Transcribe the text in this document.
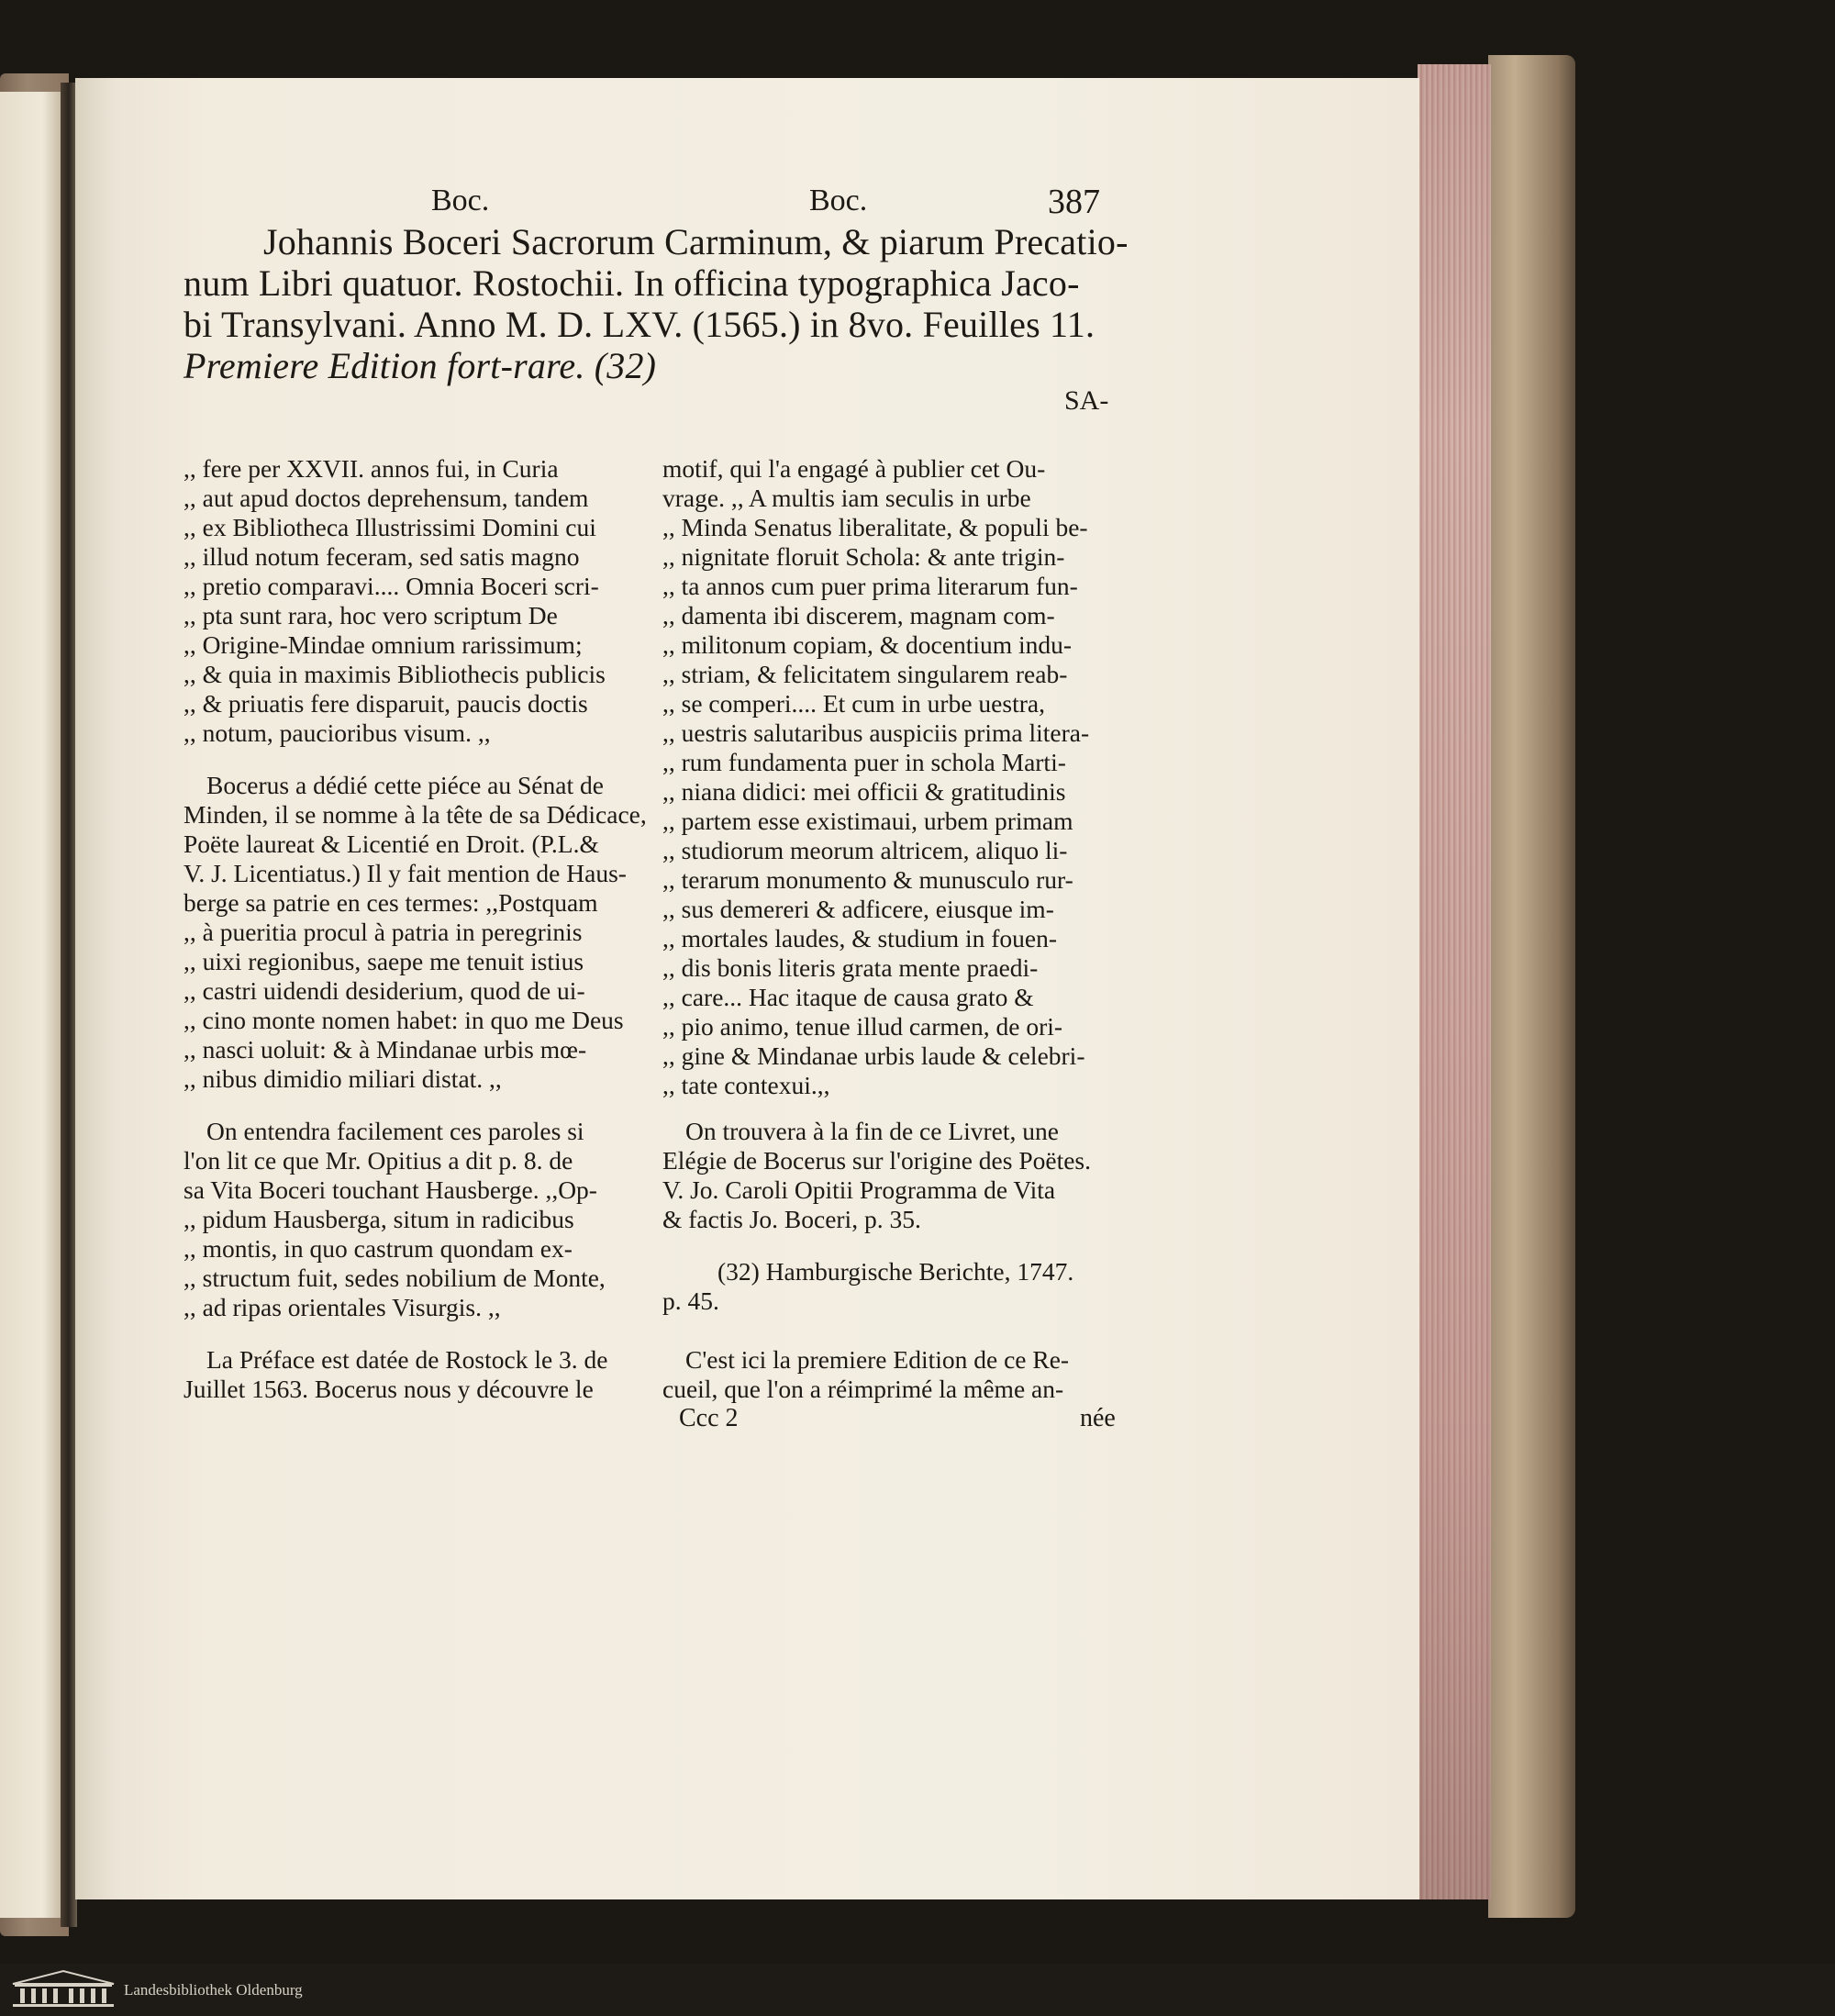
Boc.	Boc.	387
Johannis Boceri Sacrorum Carminum, & piarum Precatio-
num Libri quatuor. Rostochii. In officina typographica Jaco-
bi Transylvani. Anno M. D. LXV. (1565.) in 8vo. Feuilles 11.
Premiere Edition fort-rare. (32)
SA-
,, fere per XXVII. annos fui, in Curia
,, aut apud doctos deprehensum, tandem
,, ex Bibliotheca Illustrissimi Domini cui
,, illud notum feceram, sed satis magno
,, pretio comparavi.... Omnia Boceri scri-
,, pta sunt rara, hoc vero scriptum De
,, Origine-Mindae omnium rarissimum;
,, & quia in maximis Bibliothecis publicis
,, & priuatis fere disparuit, paucis doctis
,, notum, paucioribus visum. ,,
Bocerus a dédié cette piéce au Sénat de
Minden, il se nomme à la tête de sa Dédicace,
Poëte laureat & Licentié en Droit. (P.L.&
V. J. Licentiatus.) Il y fait mention de Haus-
berge sa patrie en ces termes: ,,Postquam
,, à pueritia procul à patria in peregrinis
,, uixi regionibus, saepe me tenuit istius
,, castri uidendi desiderium, quod de ui-
,, cino monte nomen habet: in quo me Deus
,, nasci uoluit: & à Mindanae urbis mœ-
,, nibus dimidio miliari distat. ,,
On entendra facilement ces paroles si
l'on lit ce que Mr. Opitius a dit p. 8. de
sa Vita Boceri touchant Hausberge. ,,Op-
,, pidum Hausberga, situm in radicibus
,, montis, in quo castrum quondam ex-
,, structum fuit, sedes nobilium de Monte,
,, ad ripas orientales Visurgis. ,,
La Préface est datée de Rostock le 3. de
Juillet 1563. Bocerus nous y découvre le
motif, qui l'a engagé à publier cet Ou-
vrage. ,, A multis iam seculis in urbe
,, Minda Senatus liberalitate, & populi be-
,, nignitate floruit Schola: & ante trigin-
,, ta annos cum puer prima literarum fun-
,, damenta ibi discerem, magnam com-
,, militonum copiam, & docentium indu-
,, striam, & felicitatem singularem reab-
,, se comperi.... Et cum in urbe uestra,
,, uestris salutaribus auspiciis prima litera-
,, rum fundamenta puer in schola Marti-
,, niana didici: mei officii & gratitudinis
,, partem esse existimaui, urbem primam
,, studiorum meorum altricem, aliquo li-
,, terarum monumento & munusculo rur-
,, sus demereri & adficere, eiusque im-
,, mortales laudes, & studium in fouen-
,, dis bonis literis grata mente praedi-
,, care... Hac itaque de causa grato &
,, pio animo, tenue illud carmen, de ori-
,, gine & Mindanae urbis laude & celebri-
,, tate contexui.,,
On trouvera à la fin de ce Livret, une
Elégie de Bocerus sur l'origine des Poëtes.
V. Jo. Caroli Opitii Programma de Vita
& factis Jo. Boceri, p. 35.
(32) Hamburgische Berichte, 1747.
p. 45.
C'est ici la premiere Edition de ce Re-
cueil, que l'on a réimprimé la même an-
Ccc 2	née
Landesbibliothek Oldenburg
